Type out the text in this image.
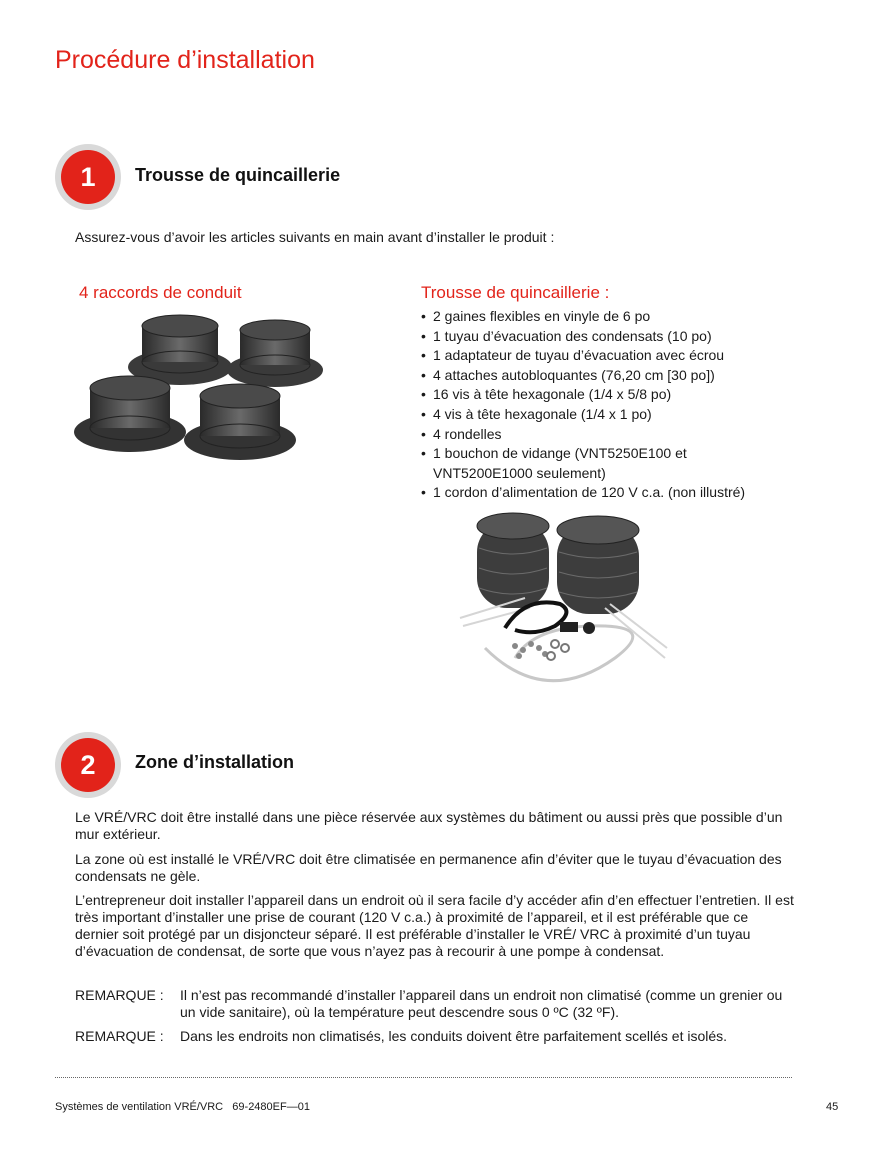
Procédure d’installation
1	Trousse de quincaillerie
Assurez-vous d’avoir les articles suivants en main avant d’installer le produit :
4 raccords de conduit	Trousse de quincaillerie :
• 2 gaines flexibles en vinyle de 6 po
• 1 tuyau d’évacuation des condensats (10 po)
• 1 adaptateur de tuyau d’évacuation avec écrou
• 4 attaches autobloquantes (76,20 cm [30 po])
• 16 vis à tête hexagonale (1/4 x 5/8 po)
• 4 vis à tête hexagonale (1/4 x 1 po)
• 4 rondelles
• 1 bouchon de vidange (VNT5250E100 et VNT5200E1000 seulement)
• 1 cordon d’alimentation de 120 V c.a. (non illustré)
2	Zone d’installation

Le VRÉ/VRC doit être installé dans une pièce réservée aux systèmes du bâtiment ou aussi près que possible d’un mur extérieur.

La zone où est installé le VRÉ/VRC doit être climatisée en permanence afin d’éviter que le tuyau d’évacuation des condensats ne gèle.

L’entrepreneur doit installer l’appareil dans un endroit où il sera facile d’y accéder afin d’en effectuer l’entretien. Il est très important d’installer une prise de courant (120 V c.a.) à proximité de l’appareil, et il est préférable que ce dernier soit protégé par un disjoncteur séparé. Il est préférable d’installer le VRÉ/ VRC à proximité d’un tuyau d’évacuation de condensat, de sorte que vous n’ayez pas à recourir à une pompe à condensat.

REMARQUE :	Il n’est pas recommandé d’installer l’appareil dans un endroit non climatisé (comme un grenier ou un vide sanitaire), où la température peut descendre sous 0 ºC (32 ºF).
REMARQUE :	Dans les endroits non climatisés, les conduits doivent être parfaitement scellés et isolés.
Systèmes de ventilation VRÉ/VRC   69-2480EF—01	45
